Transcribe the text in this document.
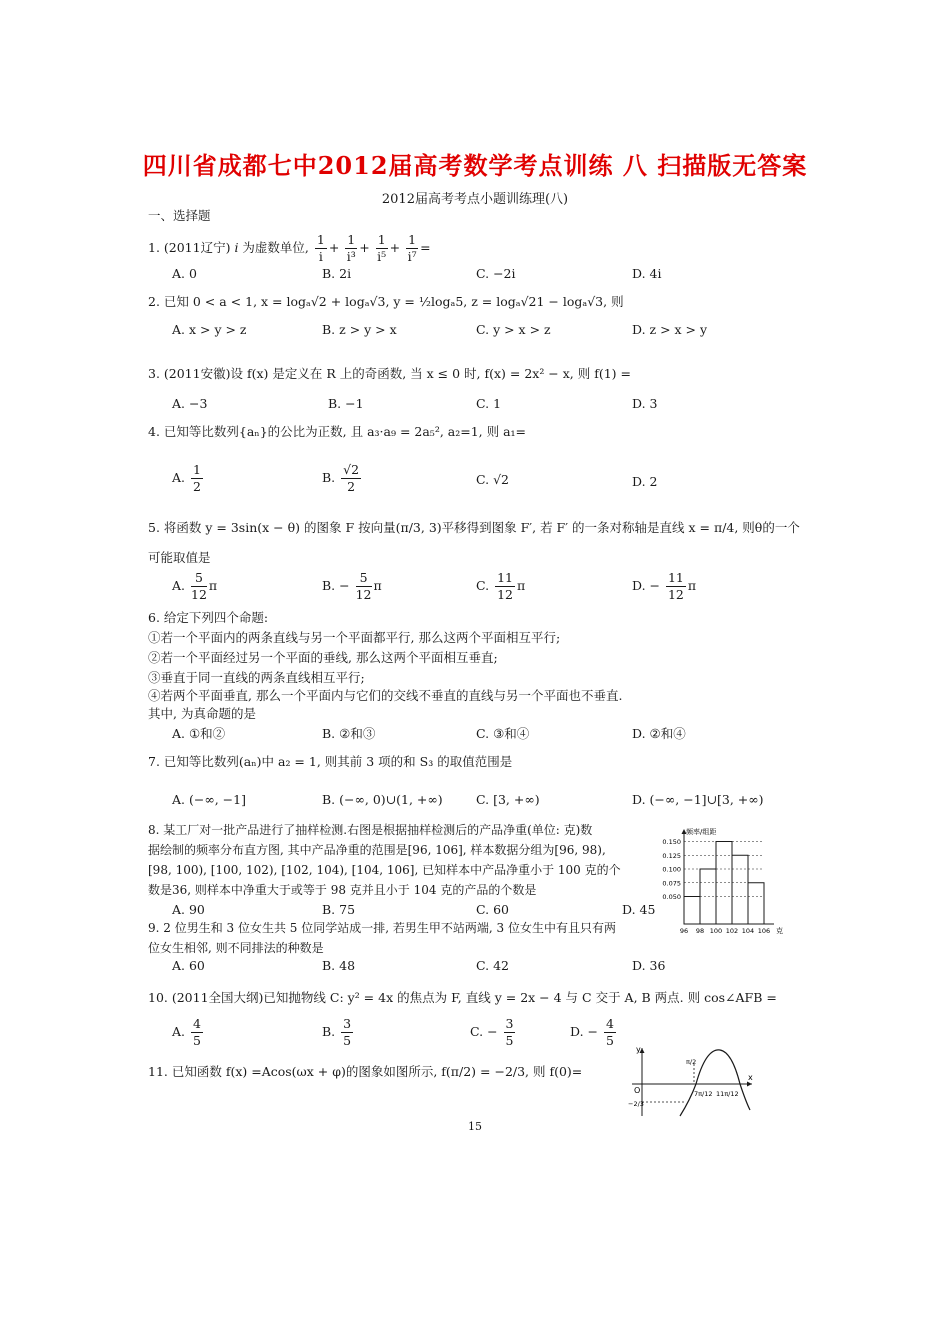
四川省成都七中2012届高考数学考点训练 八 扫描版无答案
2012届高考考点小题训练理(八)
一、选择题
1. (2011辽宁) i 为虚数单位, $\frac{1}{i} + \frac{1}{\text{i³}} + \frac{1}{\text{i⁵}} + \frac{1}{\text{i⁷}}$ =
A. 0	B. 2i	C. −2i	D. 4i
2. 已知 0 < a < 1, x = logₐ√2 + logₐ√3, y = ½logₐ5, z = logₐ√21 − logₐ√3, 则
A. x > y > z	B. z > y > x	C. y > x > z	D. z > x > y
3. (2011安徽)设 f(x) 是定义在 R 上的奇函数, 当 x ≤ 0 时, f(x) = 2x² − x, 则 f(1) =
A. −3	B. −1	C. 1	D. 3
4. 已知等比数列{aₙ}的公比为正数, 且 a₃·a₉ = 2a₅², a₂=1, 则 a₁=
A. $\frac{1}{2}$	B. $\frac{√2}{2}$	C. √2	D. 2
5. 将函数 y = 3sin(x − θ) 的图象 F 按向量(π/3, 3)平移得到图象 F′, 若 F′ 的一条对称轴是直线 x = π/4, 则θ的一个
可能取值是
A. $\frac{5}{12}$ π	B. − $\frac{5}{12}$ π	C. $\frac{11}{12}$ π	D. − $\frac{11}{12}$ π
6. 给定下列四个命题:
①若一个平面内的两条直线与另一个平面都平行, 那么这两个平面相互平行;
②若一个平面经过另一个平面的垂线, 那么这两个平面相互垂直;
③垂直于同一直线的两条直线相互平行;
④若两个平面垂直, 那么一个平面内与它们的交线不垂直的直线与另一个平面也不垂直.
其中, 为真命题的是
A. ①和②	B. ②和③	C. ③和④	D. ②和④
7. 已知等比数列(aₙ)中 a₂ = 1, 则其前 3 项的和 S₃ 的取值范围是
A. (−∞, −1]	B. (−∞, 0)∪(1, +∞)	C. [3, +∞)	D. (−∞, −1]∪[3, +∞)
8. 某工厂对一批产品进行了抽样检测.右图是根据抽样检测后的产品净重(单位: 克)数
据绘制的频率分布直方图, 其中产品净重的范围是[96, 106], 样本数据分组为[96, 98),
[98, 100), [100, 102), [102, 104), [104, 106], 已知样本中产品净重小于 100 克的个
数是36, 则样本中净重大于或等于 98 克并且小于 104 克的产品的个数是
A. 90	B. 75	C. 60	D. 45
频率/组距
0.150
0.125
0.100
0.075
0.050
96 98 100 102 104 106 克
9. 2 位男生和 3 位女生共 5 位同学站成一排, 若男生甲不站两端, 3 位女生中有且只有两
位女生相邻, 则不同排法的种数是
A. 60	B. 48	C. 42	D. 36
10. (2011全国大纲)已知抛物线 C: y² = 4x 的焦点为 F, 直线 y = 2x − 4 与 C 交于 A, B 两点. 则 cos∠AFB =
A. $\frac{4}{5}$	B. $\frac{3}{5}$	C. − $\frac{3}{5}$	D. − $\frac{4}{5}$
11. 已知函数 f(x) =Acos(ωx + φ)的图象如图所示, f(π/2) = −2/3, 则 f(0)=
y
x
O
−2/3
π/2
7π/12 11π/12
15
